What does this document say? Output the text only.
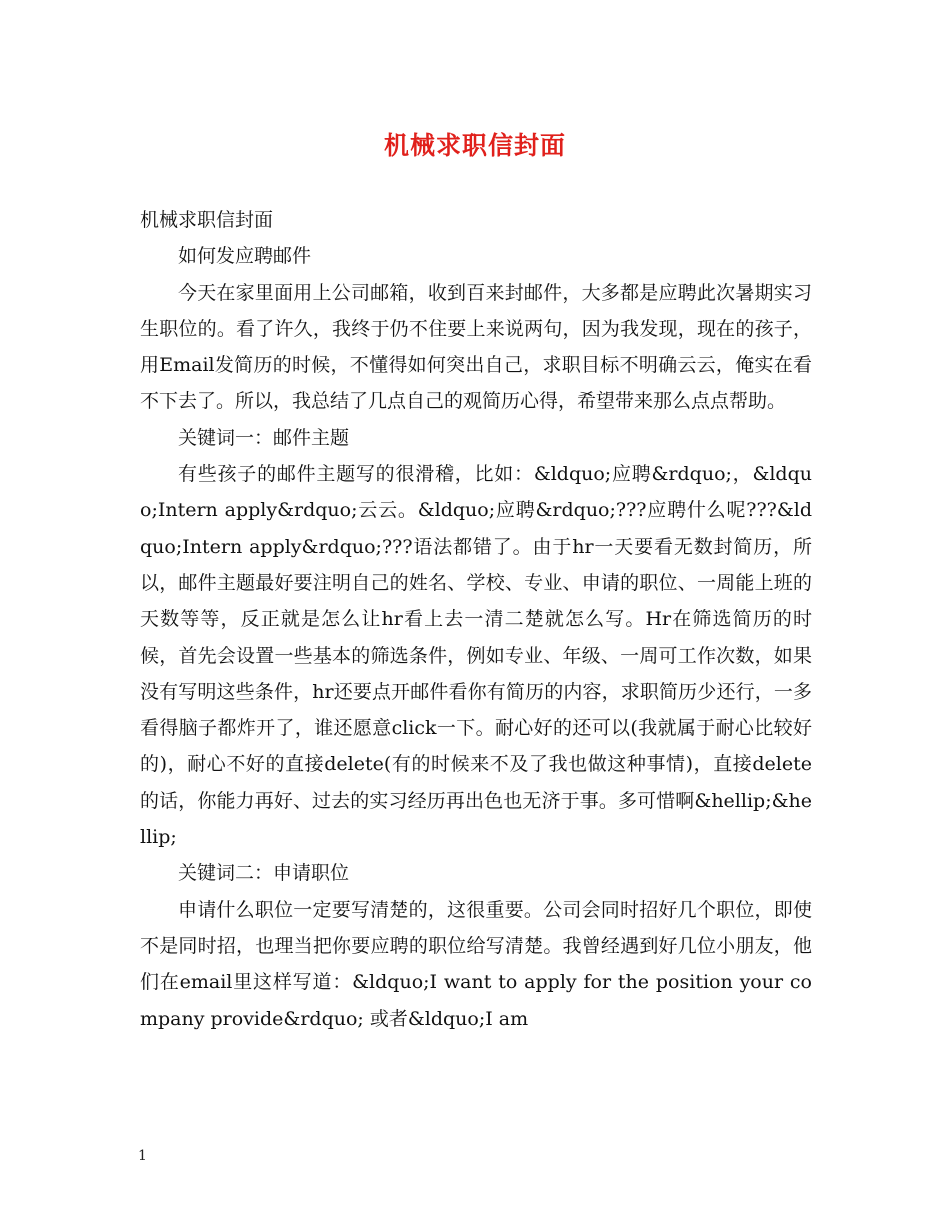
机械求职信封面

机械求职信封面

如何发应聘邮件

今天在家里面用上公司邮箱，收到百来封邮件，大多都是应聘此次暑期实习生职位的。看了许久，我终于仍不住要上来说两句，因为我发现，现在的孩子，用Email发简历的时候，不懂得如何突出自己，求职目标不明确云云，俺实在看不下去了。所以，我总结了几点自己的观简历心得，希望带来那么点点帮助。

关键词一：邮件主题

有些孩子的邮件主题写的很滑稽，比如：&ldquo;应聘&rdquo;，&ldquo;Intern apply&rdquo;云云。&ldquo;应聘&rdquo;???应聘什么呢???&ldquo;Intern apply&rdquo;???语法都错了。由于hr一天要看无数封简历，所以，邮件主题最好要注明自己的姓名、学校、专业、申请的职位、一周能上班的天数等等，反正就是怎么让hr看上去一清二楚就怎么写。Hr在筛选简历的时候，首先会设置一些基本的筛选条件，例如专业、年级、一周可工作次数，如果没有写明这些条件，hr还要点开邮件看你有简历的内容，求职简历少还行，一多看得脑子都炸开了，谁还愿意click一下。耐心好的还可以(我就属于耐心比较好的)，耐心不好的直接delete(有的时候来不及了我也做这种事情)，直接delete的话，你能力再好、过去的实习经历再出色也无济于事。多可惜啊&hellip;&hellip;

关键词二：申请职位

申请什么职位一定要写清楚的，这很重要。公司会同时招好几个职位，即使不是同时招，也理当把你要应聘的职位给写清楚。我曾经遇到好几位小朋友，他们在email里这样写道：&ldquo;I want to apply for the position your company provide&rdquo; 或者&ldquo;I am

1
